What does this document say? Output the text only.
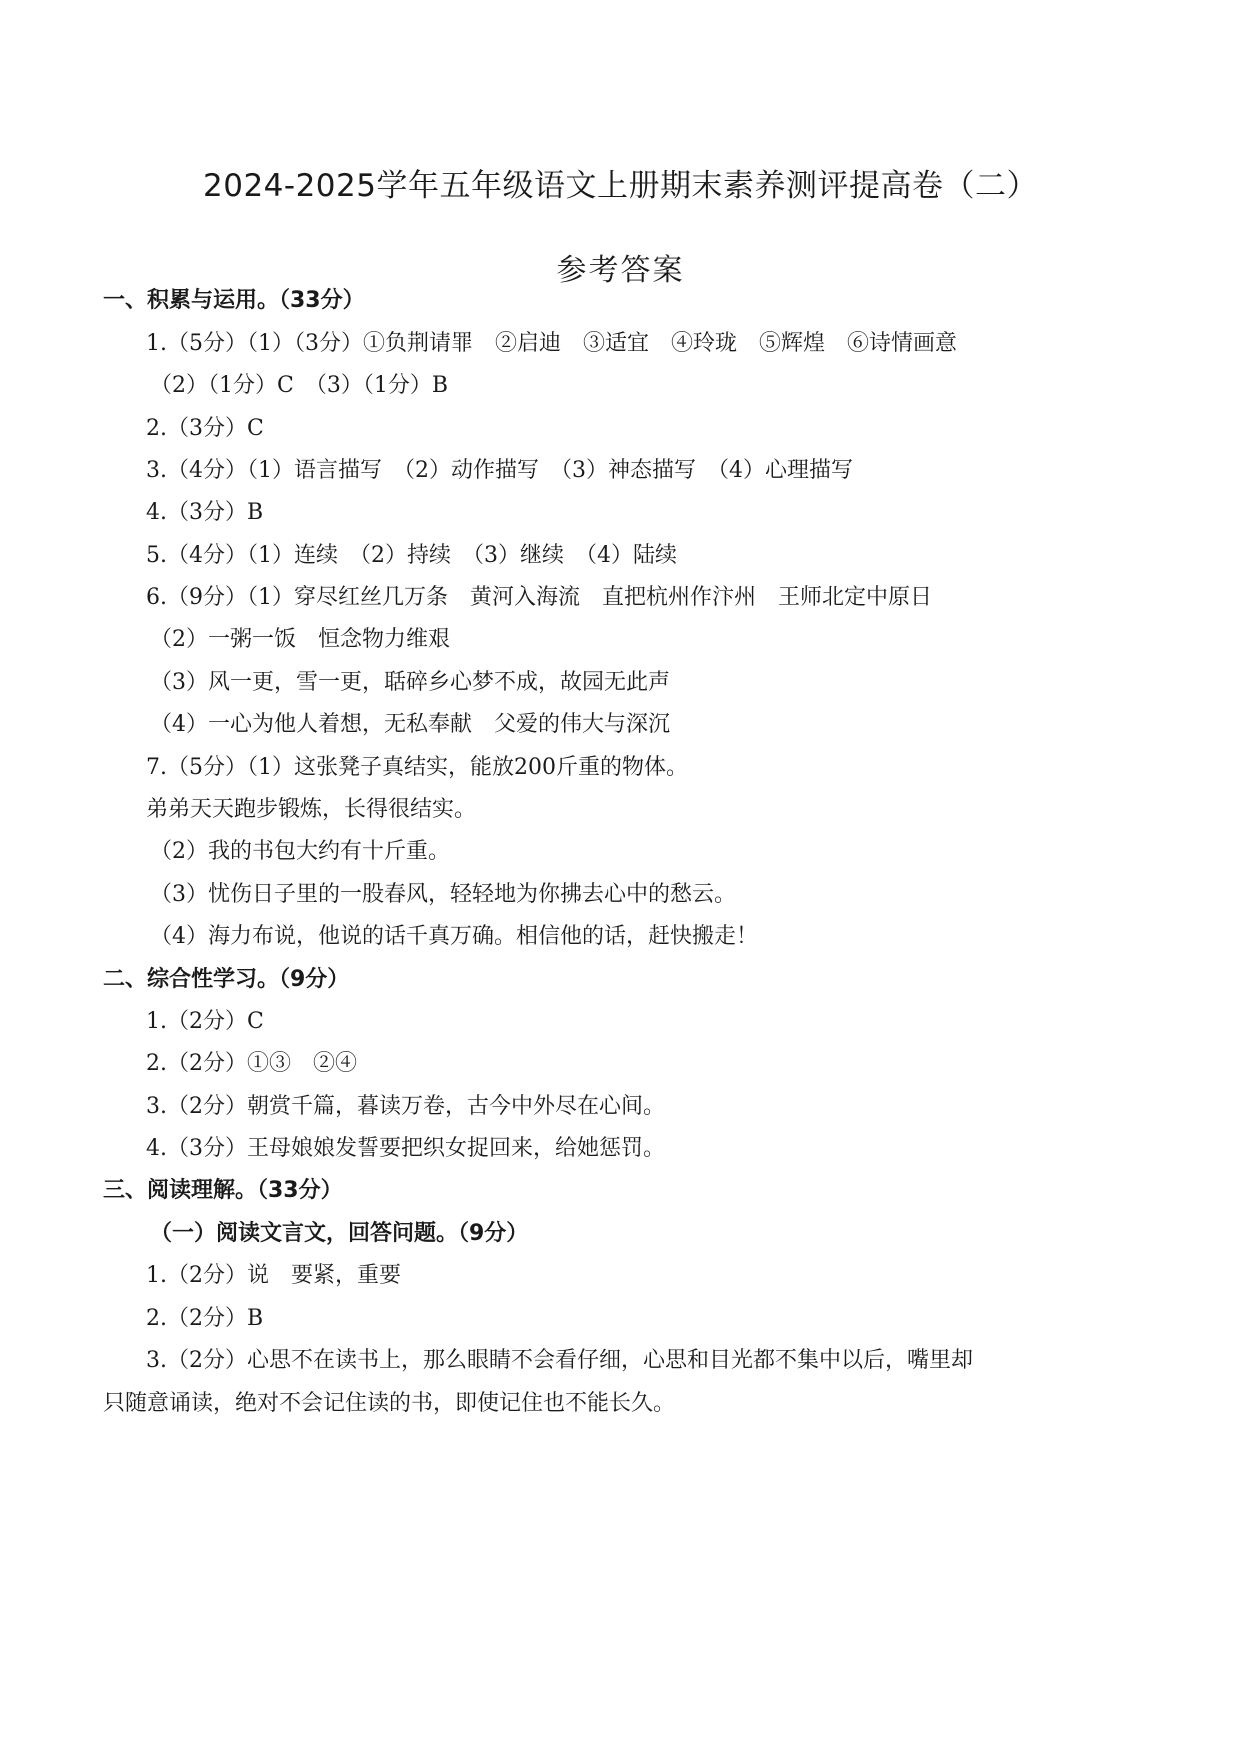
2024-2025学年五年级语文上册期末素养测评提高卷（二）
参考答案
一、积累与运用。（33分）
1.（5分）（1）（3分）①负荆请罪　②启迪　③适宜　④玲珑　⑤辉煌　⑥诗情画意
（2）（1分）C　（3）（1分）B
2.（3分）C
3.（4分）（1）语言描写　（2）动作描写　（3）神态描写　（4）心理描写
4.（3分）B
5.（4分）（1）连续　（2）持续　（3）继续　（4）陆续
6.（9分）（1）穿尽红丝几万条　黄河入海流　直把杭州作汴州　王师北定中原日
（2）一粥一饭　恒念物力维艰
（3）风一更，雪一更，聒碎乡心梦不成，故园无此声
（4）一心为他人着想，无私奉献　父爱的伟大与深沉
7.（5分）（1）这张凳子真结实，能放200斤重的物体。
弟弟天天跑步锻炼，长得很结实。
（2）我的书包大约有十斤重。
（3）忧伤日子里的一股春风，轻轻地为你拂去心中的愁云。
（4）海力布说，他说的话千真万确。相信他的话，赶快搬走！
二、综合性学习。（9分）
1.（2分）C
2.（2分）①③　②④
3.（2分）朝赏千篇，暮读万卷，古今中外尽在心间。
4.（3分）王母娘娘发誓要把织女捉回来，给她惩罚。
三、阅读理解。（33分）
（一）阅读文言文，回答问题。（9分）
1.（2分）说　要紧，重要
2.（2分）B
3.（2分）心思不在读书上，那么眼睛不会看仔细，心思和目光都不集中以后，嘴里却
只随意诵读，绝对不会记住读的书，即使记住也不能长久。
